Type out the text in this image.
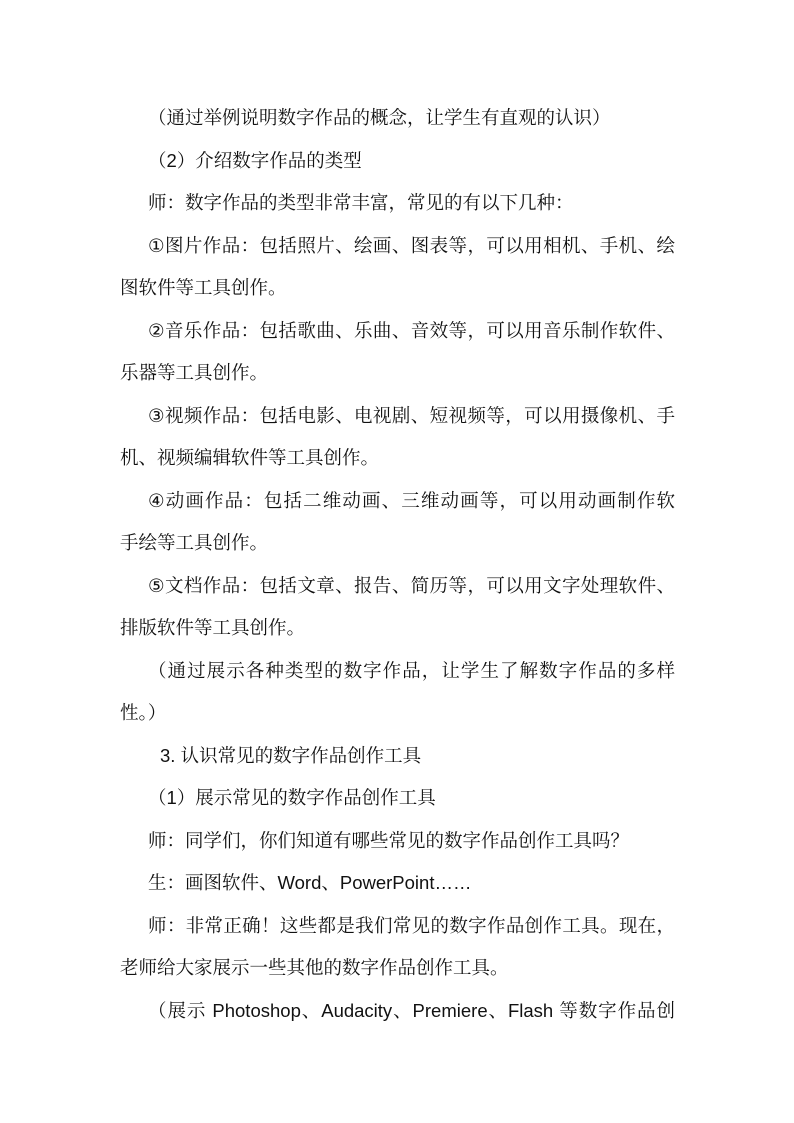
（通过举例说明数字作品的概念，让学生有直观的认识）
（2）介绍数字作品的类型
师：数字作品的类型非常丰富，常见的有以下几种：
①图片作品：包括照片、绘画、图表等，可以用相机、手机、绘
图软件等工具创作。
②音乐作品：包括歌曲、乐曲、音效等，可以用音乐制作软件、
乐器等工具创作。
③视频作品：包括电影、电视剧、短视频等，可以用摄像机、手
机、视频编辑软件等工具创作。
④动画作品：包括二维动画、三维动画等，可以用动画制作软
手绘等工具创作。
⑤文档作品：包括文章、报告、简历等，可以用文字处理软件、
排版软件等工具创作。
（通过展示各种类型的数字作品，让学生了解数字作品的多样
性。）
3. 认识常见的数字作品创作工具
（1）展示常见的数字作品创作工具
师：同学们，你们知道有哪些常见的数字作品创作工具吗？
生：画图软件、Word、PowerPoint……
师：非常正确！这些都是我们常见的数字作品创作工具。现在，
老师给大家展示一些其他的数字作品创作工具。
（展示 Photoshop、Audacity、Premiere、Flash 等数字作品创
